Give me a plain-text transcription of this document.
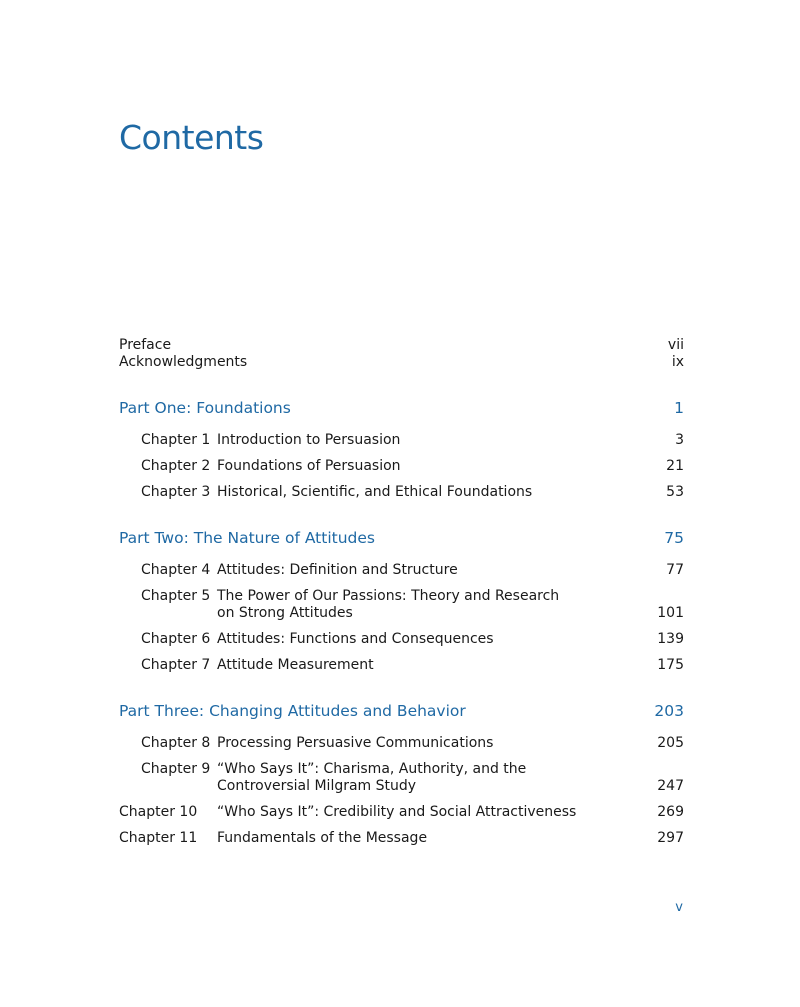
Contents
Preface	vii
Acknowledgments	ix
Part One: Foundations	1
Chapter 1 Introduction to Persuasion	3
Chapter 2 Foundations of Persuasion	21
Chapter 3 Historical, Scientific, and Ethical Foundations	53
Part Two: The Nature of Attitudes	75
Chapter 4 Attitudes: Definition and Structure	77
Chapter 5 The Power of Our Passions: Theory and Research
on Strong Attitudes	101
Chapter 6 Attitudes: Functions and Consequences	139
Chapter 7 Attitude Measurement	175
Part Three: Changing Attitudes and Behavior	203
Chapter 8 Processing Persuasive Communications	205
Chapter 9 “Who Says It”: Charisma, Authority, and the
Controversial Milgram Study	247
Chapter 10	“Who Says It”: Credibility and Social Attractiveness	269
Chapter 11	Fundamentals of the Message	297
v
